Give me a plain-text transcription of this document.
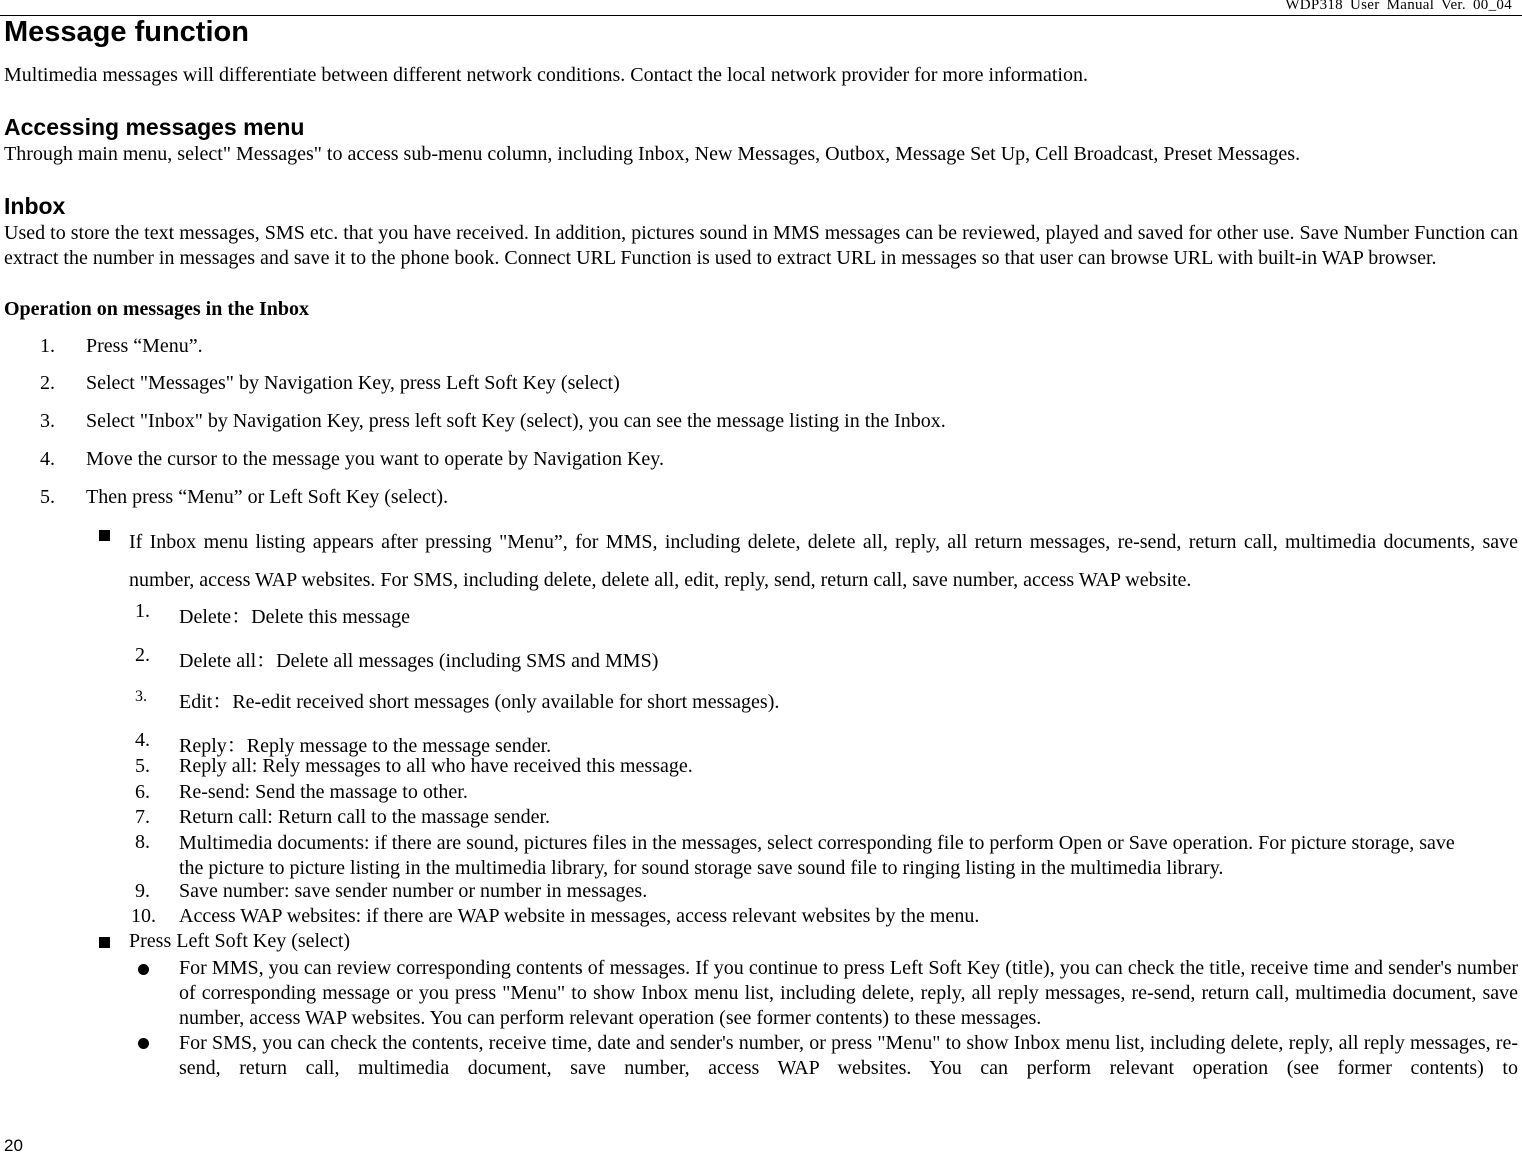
WDP318 User Manual Ver. 00_04
Message function
Multimedia messages will differentiate between different network conditions. Contact the local network provider for more information.
Accessing messages menu
Through main menu, select" Messages" to access sub-menu column, including Inbox, New Messages, Outbox, Message Set Up, Cell Broadcast, Preset Messages.
Inbox
Used to store the text messages, SMS etc. that you have received. In addition, pictures sound in MMS messages can be reviewed, played and saved for other use. Save Number Function can extract the number in messages and save it to the phone book. Connect URL Function is used to extract URL in messages so that user can browse URL with built-in WAP browser.
Operation on messages in the Inbox
1. Press “Menu”.
2. Select "Messages" by Navigation Key, press Left Soft Key (select)
3. Select "Inbox" by Navigation Key, press left soft Key (select), you can see the message listing in the Inbox.
4. Move the cursor to the message you want to operate by Navigation Key.
5. Then press “Menu” or Left Soft Key (select).
If Inbox menu listing appears after pressing "Menu”, for MMS, including delete, delete all, reply, all return messages, re-send, return call, multimedia documents, save number, access WAP websites. For SMS, including delete, delete all, edit, reply, send, return call, save number, access WAP website.
1. Delete：Delete this message
2. Delete all：Delete all messages (including SMS and MMS)
3. Edit：Re-edit received short messages (only available for short messages).
4. Reply：Reply message to the message sender.
5. Reply all: Rely messages to all who have received this message.
6. Re-send: Send the massage to other.
7. Return call: Return call to the massage sender.
8. Multimedia documents: if there are sound, pictures files in the messages, select corresponding file to perform Open or Save operation. For picture storage, save the picture to picture listing in the multimedia library, for sound storage save sound file to ringing listing in the multimedia library.
9. Save number: save sender number or number in messages.
10. Access WAP websites: if there are WAP website in messages, access relevant websites by the menu.
Press Left Soft Key (select)
For MMS, you can review corresponding contents of messages. If you continue to press Left Soft Key (title), you can check the title, receive time and sender's number of corresponding message or you press "Menu" to show Inbox menu list, including delete, reply, all reply messages, re-send, return call, multimedia document, save number, access WAP websites. You can perform relevant operation (see former contents) to these messages.
For SMS, you can check the contents, receive time, date and sender's number, or press "Menu" to show Inbox menu list, including delete, reply, all reply messages, re-send, return call, multimedia document, save number, access WAP websites. You can perform relevant operation (see former contents) to
20
